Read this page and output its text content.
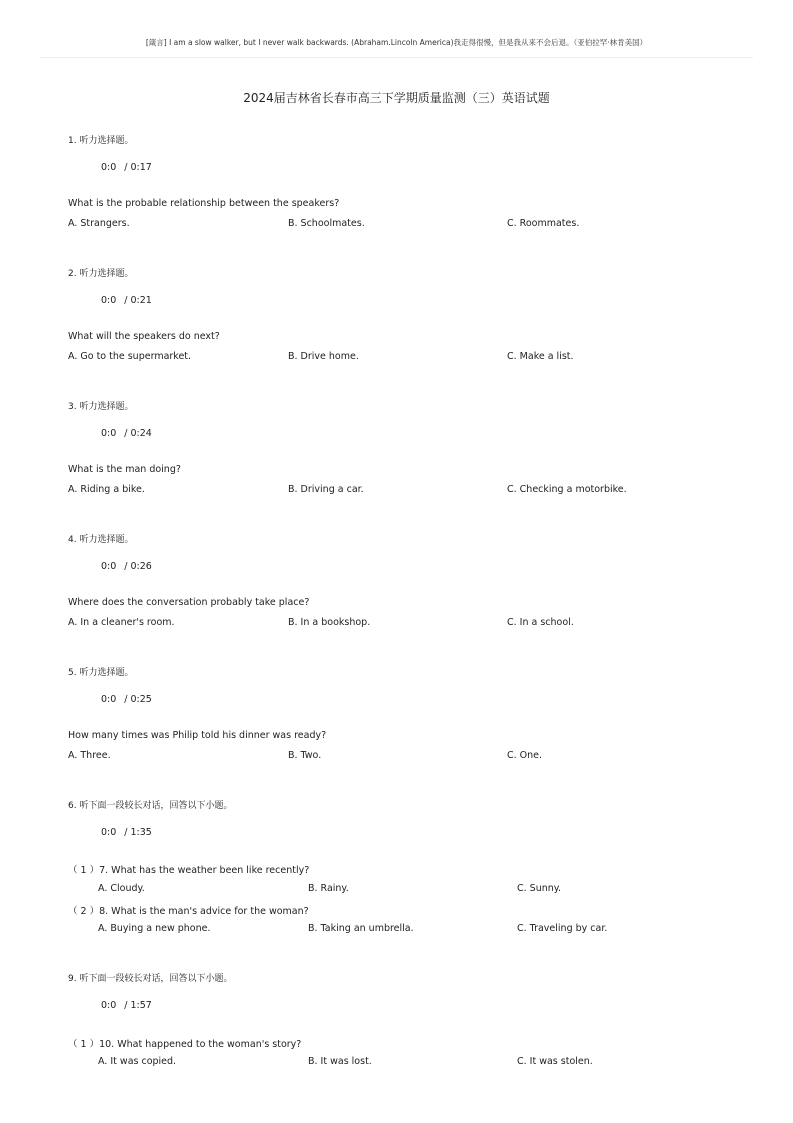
[箴言] I am a slow walker, but I never walk backwards. (Abraham.Lincoln America)我走得很慢，但是我从来不会后退。（亚伯拉罕·林肯美国）
2024届吉林省长春市高三下学期质量监测（三）英语试题
1. 听力选择题。
0:0 / 0:17
What is the probable relationship between the speakers?
A. Strangers.	B. Schoolmates.	C. Roommates.
2. 听力选择题。
0:0 / 0:21
What will the speakers do next?
A. Go to the supermarket.	B. Drive home.	C. Make a list.
3. 听力选择题。
0:0 / 0:24
What is the man doing?
A. Riding a bike.	B. Driving a car.	C. Checking a motorbike.
4. 听力选择题。
0:0 / 0:26
Where does the conversation probably take place?
A. In a cleaner's room.	B. In a bookshop.	C. In a school.
5. 听力选择题。
0:0 / 0:25
How many times was Philip told his dinner was ready?
A. Three.	B. Two.	C. One.
6. 听下面一段较长对话，回答以下小题。
0:0 / 1:35
（ 1 ）7. What has the weather been like recently?
A. Cloudy.	B. Rainy.	C. Sunny.
（ 2 ）8. What is the man's advice for the woman?
A. Buying a new phone.	B. Taking an umbrella.	C. Traveling by car.
9. 听下面一段较长对话，回答以下小题。
0:0 / 1:57
（ 1 ）10. What happened to the woman's story?
A. It was copied.	B. It was lost.	C. It was stolen.
